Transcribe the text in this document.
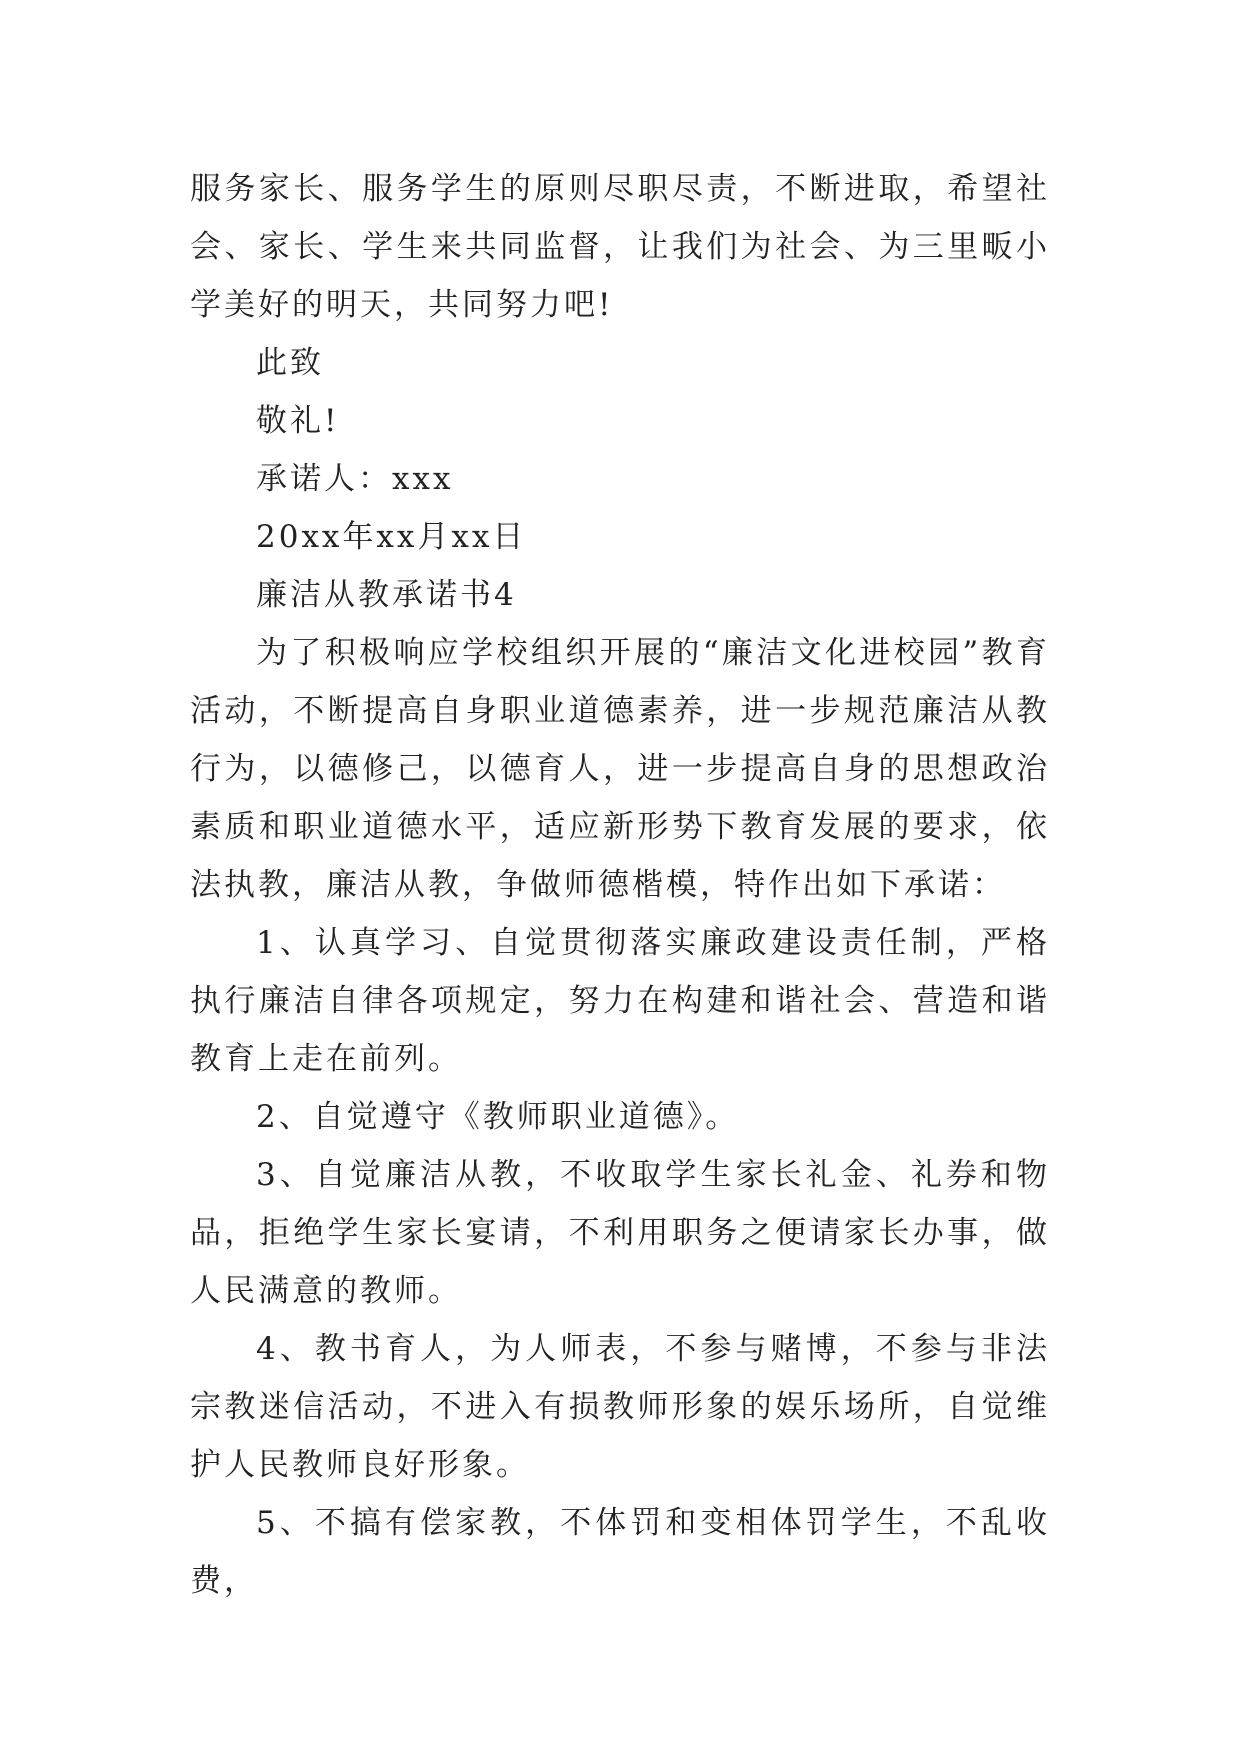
服务家长、服务学生的原则尽职尽责，不断进取，希望社会、家长、学生来共同监督，让我们为社会、为三里畈小学美好的明天，共同努力吧!

此致

敬礼!

承诺人：xxx

20xx年xx月xx日

廉洁从教承诺书4

为了积极响应学校组织开展的“廉洁文化进校园”教育活动，不断提高自身职业道德素养，进一步规范廉洁从教行为，以德修己，以德育人，进一步提高自身的思想政治素质和职业道德水平，适应新形势下教育发展的要求，依法执教，廉洁从教，争做师德楷模，特作出如下承诺：

1、认真学习、自觉贯彻落实廉政建设责任制，严格执行廉洁自律各项规定，努力在构建和谐社会、营造和谐教育上走在前列。

2、自觉遵守《教师职业道德》。

3、自觉廉洁从教，不收取学生家长礼金、礼券和物品，拒绝学生家长宴请，不利用职务之便请家长办事，做人民满意的教师。

4、教书育人，为人师表，不参与赌博，不参与非法宗教迷信活动，不进入有损教师形象的娱乐场所，自觉维护人民教师良好形象。

5、不搞有偿家教，不体罚和变相体罚学生，不乱收费，
